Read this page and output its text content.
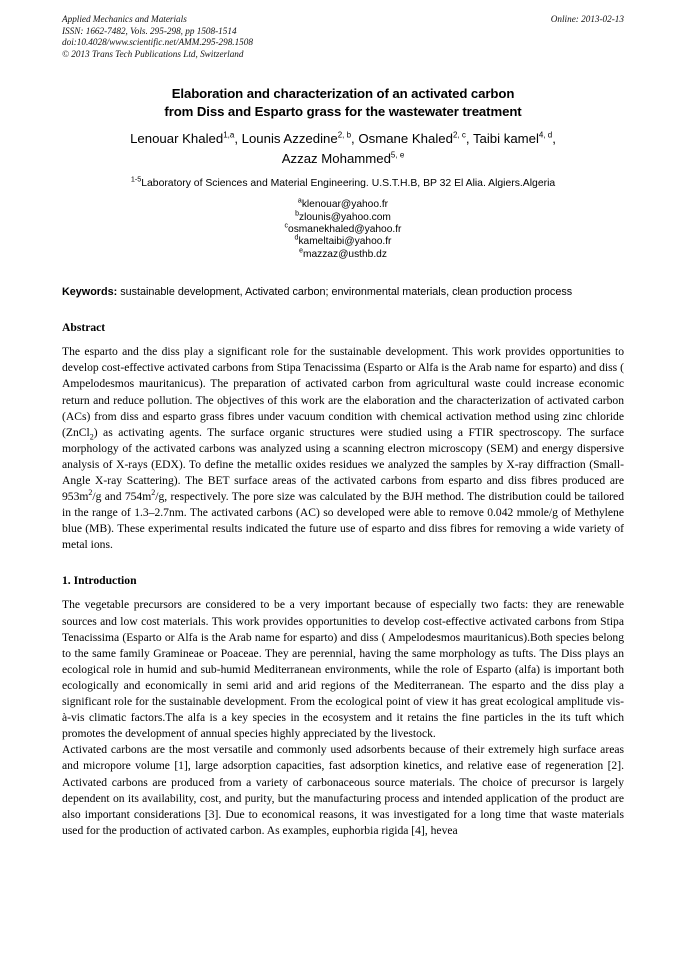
Online: 2013-02-13
Applied Mechanics and Materials
ISSN: 1662-7482, Vols. 295-298, pp 1508-1514
doi:10.4028/www.scientific.net/AMM.295-298.1508
© 2013 Trans Tech Publications Ltd, Switzerland
Elaboration and characterization of an activated carbon
from Diss and Esparto grass for the wastewater treatment
Lenouar Khaled$^{1,a}$, Lounis Azzedine$^{2, b}$, Osmane Khaled$^{2, c}$, Taibi kamel$^{4, d}$,
Azzaz Mohammed$^{5, e}$
$^{1-5}$Laboratory of Sciences and Material Engineering. U.S.T.H.B, BP 32 El Alia. Algiers.Algeria
$^a$klenouar@yahoo.fr
$^b$zlounis@yahoo.com
$^c$osmanekhaled@yahoo.fr
$^d$kameltaibi@yahoo.fr
$^e$mazzaz@usthb.dz
Keywords: sustainable development, Activated carbon; environmental materials, clean production process
Abstract
The esparto and the diss play a significant role for the sustainable development. This work provides opportunities to develop cost-effective activated carbons from Stipa Tenacissima (Esparto or Alfa is the Arab name for esparto) and diss ( Ampelodesmos mauritanicus). The preparation of activated carbon from agricultural waste could increase economic return and reduce pollution. The objectives of this work are the elaboration and the characterization of activated carbon (ACs) from diss and esparto grass fibres under vacuum condition with chemical activation method using zinc chloride (ZnCl$_2$) as activating agents. The surface organic structures were studied using a FTIR spectroscopy. The surface morphology of the activated carbons was analyzed using a scanning electron microscopy (SEM) and energy dispersive analysis of X-rays (EDX). To define the metallic oxides residues we analyzed the samples by X-ray diffraction (Small-Angle X-ray Scattering). The BET surface areas of the activated carbons from esparto and diss fibres produced are $953m^2/g$ and $754m^2/g$, respectively. The pore size was calculated by the BJH method. The distribution could be tailored in the range of 1.3–2.7nm. The activated carbons (AC) so developed were able to remove 0.042 mmole/g of Methylene blue (MB). These experimental results indicated the future use of esparto and diss fibres for removing a wide variety of metal ions.
1. Introduction
The vegetable precursors are considered to be a very important because of especially two facts: they are renewable sources and low cost materials. This work provides opportunities to develop cost-effective activated carbons from Stipa Tenacissima (Esparto or Alfa is the Arab name for esparto) and diss ( Ampelodesmos mauritanicus).Both species belong to the same family Gramineae or Poaceae. They are perennial, having the same morphology as tufts. The Diss plays an ecological role in humid and sub-humid Mediterranean environments, while the role of Esparto (alfa) is important both ecologically and economically in semi arid and arid regions of the Mediterranean. The esparto and the diss play a significant role for the sustainable development. From the ecological point of view it has great ecological amplitude vis-à-vis climatic factors.The alfa is a key species in the ecosystem and it retains the fine particles in the its tuft which promotes the development of annual species highly appreciated by the livestock.
Activated carbons are the most versatile and commonly used adsorbents because of their extremely high surface areas and micropore volume [1], large adsorption capacities, fast adsorption kinetics, and relative ease of regeneration [2]. Activated carbons are produced from a variety of carbonaceous source materials. The choice of precursor is largely dependent on its availability, cost, and purity, but the manufacturing process and intended application of the product are also important considerations [3]. Due to economical reasons, it was investigated for a long time that waste materials used for the production of activated carbon. As examples, euphorbia rigida [4], hevea
